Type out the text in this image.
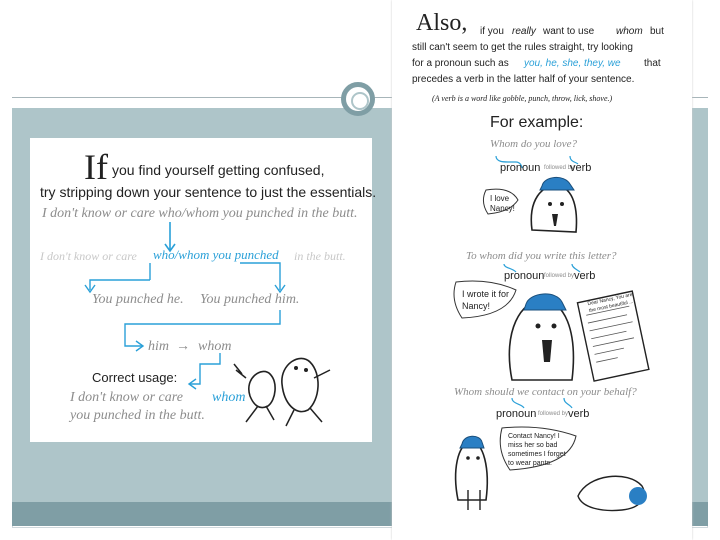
If you find yourself getting confused,
try stripping down your sentence to just the essentials.
I don't know or care who/whom you punched in the butt.
I don't know or care who/whom you punched in the butt.
You punched he. You punched him.
him → whom
Correct usage:
I don't know or care whom
you punched in the butt.
Also, if you really want to use whom but
still can't seem to get the rules straight, try looking
for a pronoun such as you, he, she, they, we that
precedes a verb in the latter half of your sentence.
(A verb is a word like gobble, punch, throw, lick, shove.)
For example:
Whom do you love?
pronoun followed by
verb
I love Nancy!
To whom did you write this letter?
pronoun followed by verb
I wrote it for Nancy!	Dear Nancy, You are the most beautiful ...
Whom should we contact on your behalf?
pronoun followed by verb
Contact Nancy! I miss her so bad sometimes I forget to wear pants.
